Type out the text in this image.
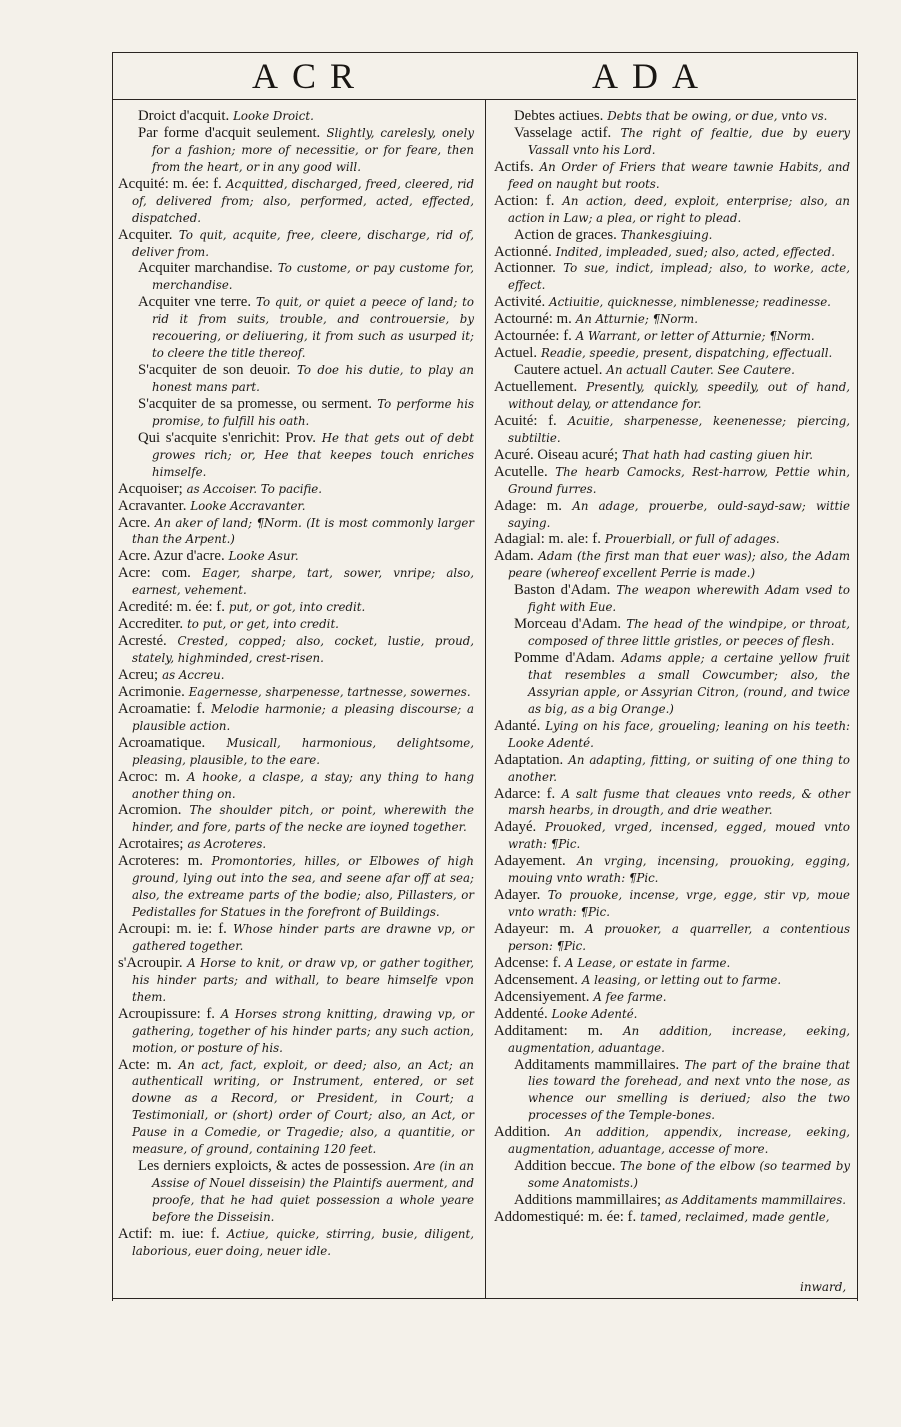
ACR	ADA

Droict d'acquit. Looke Droict.

Par forme d'acquit seulement. Slightly, carelesly, onely for a fashion; more of necessitie, or for feare, then from the heart, or in any good will.

Acquité: m. ée: f. Acquitted, discharged, freed, cleered, rid of, delivered from; also, performed, acted, effected, dispatched.

Acquiter. To quit, acquite, free, cleere, discharge, rid of, deliver from.

Acquiter marchandise. To custome, or pay custome for, merchandise.

Acquiter vne terre. To quit, or quiet a peece of land; to rid it from suits, trouble, and controuersie, by recouering, or deliuering, it from such as usurped it; to cleere the title thereof.

S'acquiter de son deuoir. To doe his dutie, to play an honest mans part.

S'acquiter de sa promesse, ou serment. To performe his promise, to fulfill his oath.

Qui s'acquite s'enrichit: Prov. He that gets out of debt growes rich; or, Hee that keepes touch enriches himselfe.

Acquoiser; as Accoiser. To pacifie.

Acravanter. Looke Accravanter.

Acre. An aker of land; ¶Norm. (It is most commonly larger than the Arpent.)

Acre. Azur d'acre. Looke Asur.

Acre: com. Eager, sharpe, tart, sower, vnripe; also, earnest, vehement.

Acredité: m. ée: f. put, or got, into credit.

Accrediter. to put, or get, into credit.

Acresté. Crested, copped; also, cocket, lustie, proud, stately, highminded, crest-risen.

Acreu; as Accreu.

Acrimonie. Eagernesse, sharpenesse, tartnesse, sowernes.

Acroamatie: f. Melodie harmonie; a pleasing discourse; a plausible action.

Acroamatique. Musicall, harmonious, delightsome, pleasing, plausible, to the eare.

Acroc: m. A hooke, a claspe, a stay; any thing to hang another thing on.

Acromion. The shoulder pitch, or point, wherewith the hinder, and fore, parts of the necke are ioyned together.

Acrotaires; as Acroteres.

Acroteres: m. Promontories, hilles, or Elbowes of high ground, lying out into the sea, and seene afar off at sea; also, the extreame parts of the bodie; also, Pillasters, or Pedistalles for Statues in the forefront of Buildings.

Acroupi: m. ie: f. Whose hinder parts are drawne vp, or gathered together.

s'Acroupir. A Horse to knit, or draw vp, or gather togither, his hinder parts; and withall, to beare himselfe vpon them.

Acroupissure: f. A Horses strong knitting, drawing vp, or gathering, together of his hinder parts; any such action, motion, or posture of his.

Acte: m. An act, fact, exploit, or deed; also, an Act; an authenticall writing, or Instrument, entered, or set downe as a Record, or President, in Court; a Testimoniall, or (short) order of Court; also, an Act, or Pause in a Comedie, or Tragedie; also, a quantitie, or measure, of ground, containing 120 feet.

Les derniers exploicts, & actes de possession. Are (in an Assise of Nouel disseisin) the Plaintifs auerment, and proofe, that he had quiet possession a whole yeare before the Disseisin.

Actif: m. iue: f. Actiue, quicke, stirring, busie, diligent, laborious, euer doing, neuer idle.

Debtes actiues. Debts that be owing, or due, vnto vs.

Vasselage actif. The right of fealtie, due by euery Vassall vnto his Lord.

Actifs. An Order of Friers that weare tawnie Habits, and feed on naught but roots.

Action: f. An action, deed, exploit, enterprise; also, an action in Law; a plea, or right to plead.

Action de graces. Thankesgiuing.

Actionné. Indited, impleaded, sued; also, acted, effected.

Actionner. To sue, indict, implead; also, to worke, acte, effect.

Activité. Actiuitie, quicknesse, nimblenesse; readinesse.

Actourné: m. An Atturnie; ¶Norm.

Actournée: f. A Warrant, or letter of Atturnie; ¶Norm.

Actuel. Readie, speedie, present, dispatching, effectuall.

Cautere actuel. An actuall Cauter. See Cautere.

Actuellement. Presently, quickly, speedily, out of hand, without delay, or attendance for.

Acuité: f. Acuitie, sharpenesse, keenenesse; piercing, subtiltie.

Acuré. Oiseau acuré; That hath had casting giuen hir.

Acutelle. The hearb Camocks, Rest-harrow, Pettie whin, Ground furres.

Adage: m. An adage, prouerbe, ould-sayd-saw; wittie saying.

Adagial: m. ale: f. Prouerbiall, or full of adages.

Adam. Adam (the first man that euer was); also, the Adam peare (whereof excellent Perrie is made.)

Baston d'Adam. The weapon wherewith Adam vsed to fight with Eue.

Morceau d'Adam. The head of the windpipe, or throat, composed of three little gristles, or peeces of flesh.

Pomme d'Adam. Adams apple; a certaine yellow fruit that resembles a small Cowcumber; also, the Assyrian apple, or Assyrian Citron, (round, and twice as big, as a big Orange.)

Adanté. Lying on his face, groueling; leaning on his teeth: Looke Adenté.

Adaptation. An adapting, fitting, or suiting of one thing to another.

Adarce: f. A salt fusme that cleaues vnto reeds, & other marsh hearbs, in drougth, and drie weather.

Adayé. Prouoked, vrged, incensed, egged, moued vnto wrath: ¶Pic.

Adayement. An vrging, incensing, prouoking, egging, mouing vnto wrath: ¶Pic.

Adayer. To prouoke, incense, vrge, egge, stir vp, moue vnto wrath: ¶Pic.

Adayeur: m. A prouoker, a quarreller, a contentious person: ¶Pic.

Adcense: f. A Lease, or estate in farme.

Adcensement. A leasing, or letting out to farme.

Adcensiyement. A fee farme.

Addenté. Looke Adenté.

Additament: m. An addition, increase, eeking, augmentation, aduantage.

Additaments mammillaires. The part of the braine that lies toward the forehead, and next vnto the nose, as whence our smelling is deriued; also the two processes of the Temple-bones.

Addition. An addition, appendix, increase, eeking, augmentation, aduantage, accesse of more.

Addition beccue. The bone of the elbow (so tearmed by some Anatomists.)

Additions mammillaires; as Additaments mammillaires.

Addomestiqué: m. ée: f. tamed, reclaimed, made gentle,

inward,
